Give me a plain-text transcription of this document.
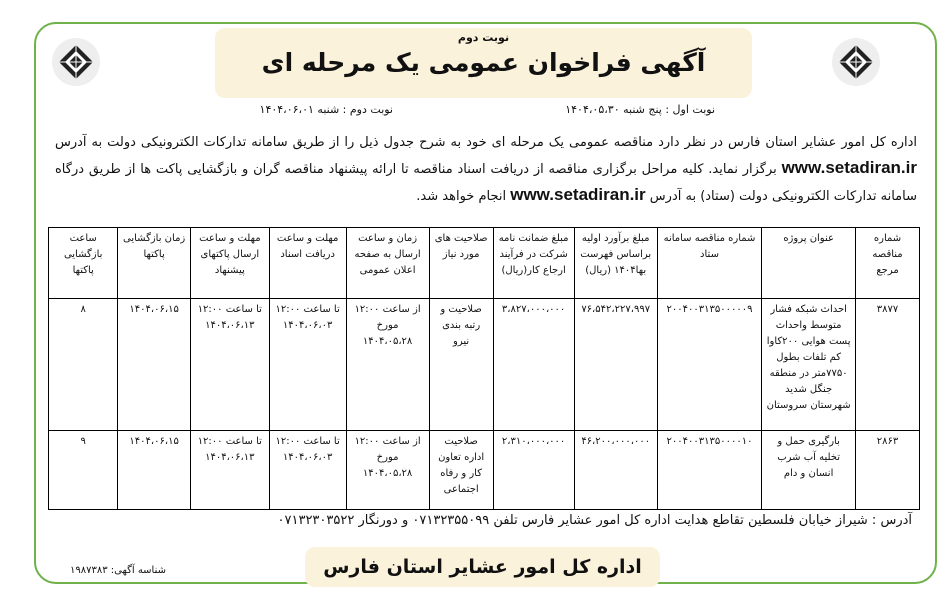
نوبت دوم
آگهی فراخوان عمومی یک مرحله ای
نوبت اول : پنج شنبه ۱۴۰۴،۰۵،۳۰
نوبت دوم : شنبه ۱۴۰۴،۰۶،۰۱
اداره کل امور عشایر استان فارس در نظر دارد مناقصه عمومی یک مرحله ای خود به شرح جدول ذیل را از طریق سامانه تدارکات الکترونیکی دولت به آدرس www.setadiran.ir برگزار نماید. کلیه مراحل برگزاری مناقصه از دریافت اسناد مناقصه تا ارائه پیشنهاد مناقصه گران و بازگشایی پاکت ها از طریق درگاه سامانه تدارکات الکترونیکی دولت (ستاد) به آدرس www.setadiran.ir انجام خواهد شد.
شماره مناقصه مرجع	عنوان پروژه	شماره مناقصه سامانه ستاد	مبلغ برآورد اولیه براساس فهرست بها۱۴۰۴ (ریال)	مبلغ ضمانت نامه شرکت در فرآیند ارجاع کار(ریال)	صلاحیت های مورد نیاز	زمان و ساعت ارسال به صفحه اعلان عمومی	مهلت و ساعت دریافت اسناد	مهلت و ساعت ارسال پاکتهای پیشنهاد	زمان بازگشایی پاکتها	ساعت بازگشایی پاکتها
۳۸۷۷	احداث شبکه فشار متوسط واحداث پست هوایی ۲۰۰کاوا کم تلفات بطول ۷۷۵۰متر در منطقه جنگل شدید شهرستان سروستان	۲۰۰۴۰۰۳۱۳۵۰۰۰۰۰۹	۷۶،۵۴۲،۲۲۷،۹۹۷	۳،۸۲۷،۰۰۰،۰۰۰	صلاحیت و رتبه بندی نیرو	از ساعت ۱۲:۰۰ مورخ ۱۴۰۴،۰۵،۲۸	تا ساعت ۱۲:۰۰ ۱۴۰۴،۰۶،۰۳	تا ساعت ۱۲:۰۰ ۱۴۰۴،۰۶،۱۳	۱۴۰۴،۰۶،۱۵	۸
۲۸۶۳	بارگیری حمل و تخلیه آب شرب انسان و دام	۲۰۰۴۰۰۳۱۳۵۰۰۰۰۱۰	۴۶،۲۰۰،۰۰۰،۰۰۰	۲،۳۱۰،۰۰۰،۰۰۰	صلاحیت اداره تعاون کار و رفاه اجتماعی	از ساعت ۱۲:۰۰ مورخ ۱۴۰۴،۰۵،۲۸	تا ساعت ۱۲:۰۰ ۱۴۰۴،۰۶،۰۳	تا ساعت ۱۲:۰۰ ۱۴۰۴،۰۶،۱۳	۱۴۰۴،۰۶،۱۵	۹
آدرس : شیراز خیابان فلسطین تقاطع هدایت اداره کل امور عشایر فارس تلفن ۰۷۱۳۲۳۵۵۰۹۹ و دورنگار ۰۷۱۳۲۳۰۳۵۲۲
اداره کل امور عشایر استان فارس
شناسه آگهی: ۱۹۸۷۳۸۳
